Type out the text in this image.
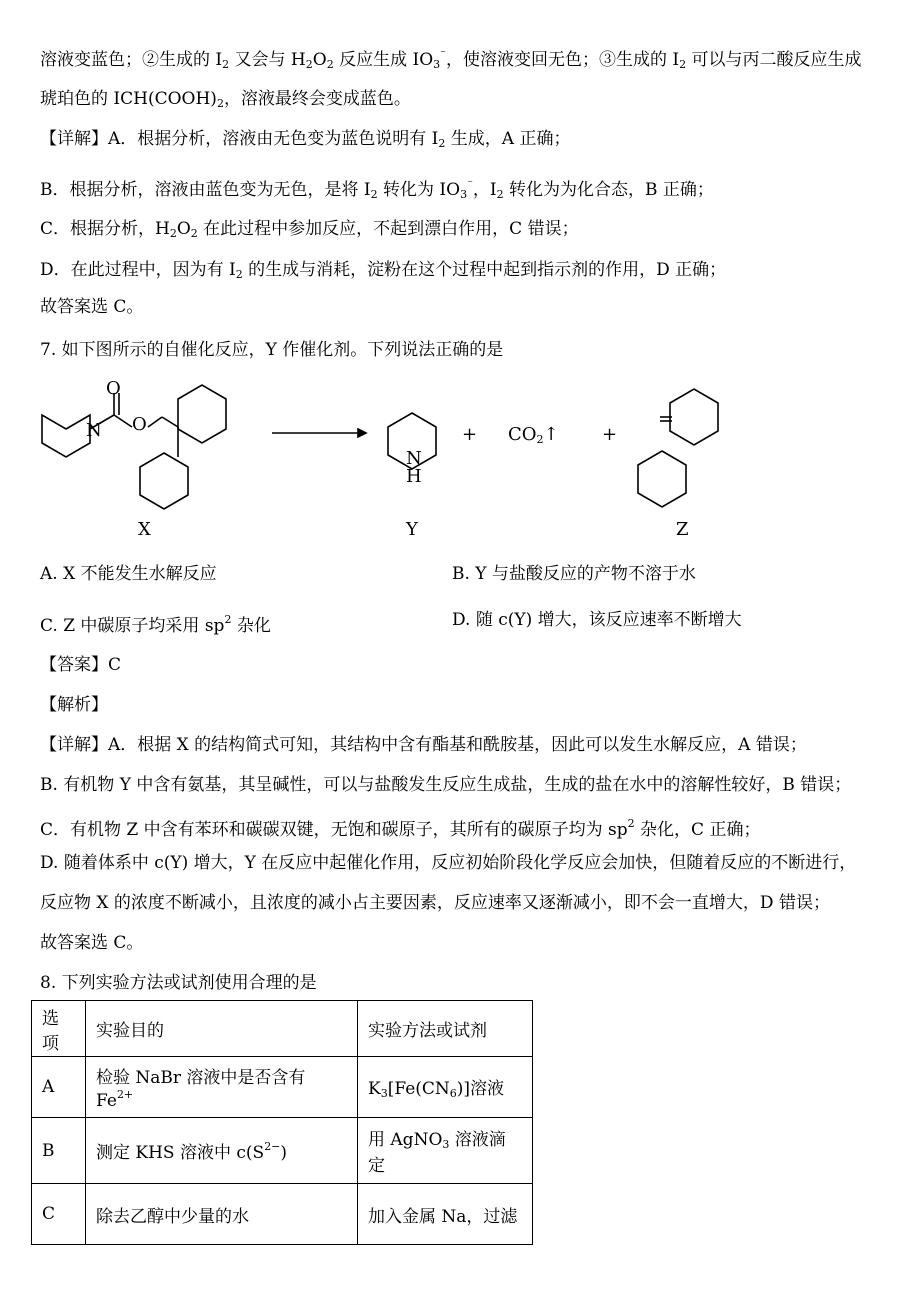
溶液变蓝色；②生成的 $I_2$ 又会与 $H_2O_2$ 反应生成 $IO_3^{^-}$，使溶液变回无色；③生成的 $I_2$ 可以与丙二酸反应生成
琥珀色的 $ICH(COOH)_2$，溶液最终会变成蓝色。
【详解】A．根据分析，溶液由无色变为蓝色说明有 $I_2$ 生成，A 正确；
B．根据分析，溶液由蓝色变为无色，是将 $I_2$ 转化为 $IO_3^{^-}$，$I_2$ 转化为为化合态，B 正确；
C．根据分析，$H_2O_2$ 在此过程中参加反应，不起到漂白作用，C 错误；
D．在此过程中，因为有 $I_2$ 的生成与消耗，淀粉在这个过程中起到指示剂的作用，D 正确；
故答案选 C。
7. 如下图所示的自催化反应，Y 作催化剂。下列说法正确的是
O
O
N
N
H
+ $CO_2↑$ +
X	Y	Z
A. X 不能发生水解反应	B. Y 与盐酸反应的产物不溶于水
C. Z 中碳原子均采用 $sp^2$ 杂化	D. 随 c(Y) 增大，该反应速率不断增大
【答案】C
【解析】
【详解】A．根据 X 的结构简式可知，其结构中含有酯基和酰胺基，因此可以发生水解反应，A 错误；
B. 有机物 Y 中含有氨基，其呈碱性，可以与盐酸发生反应生成盐，生成的盐在水中的溶解性较好，B 错误；
C．有机物 Z 中含有苯环和碳碳双键，无饱和碳原子，其所有的碳原子均为 $sp^2$ 杂化，C 正确；
D. 随着体系中 c(Y) 增大，Y 在反应中起催化作用，反应初始阶段化学反应会加快，但随着反应的不断进行，
反应物 X 的浓度不断减小，且浓度的减小占主要因素，反应速率又逐渐减小，即不会一直增大，D 错误；
故答案选 C。
8. 下列实验方法或试剂使用合理的是
选项	实验目的	实验方法或试剂
A	检验 NaBr 溶液中是否含有 $Fe^{2+}$	$K_3[Fe(CN_6)]$溶液
B	测定 KHS 溶液中 $c(S^{2-})$	用 AgNO$_3$ 溶液滴定
C	除去乙醇中少量的水	加入金属 Na，过滤
